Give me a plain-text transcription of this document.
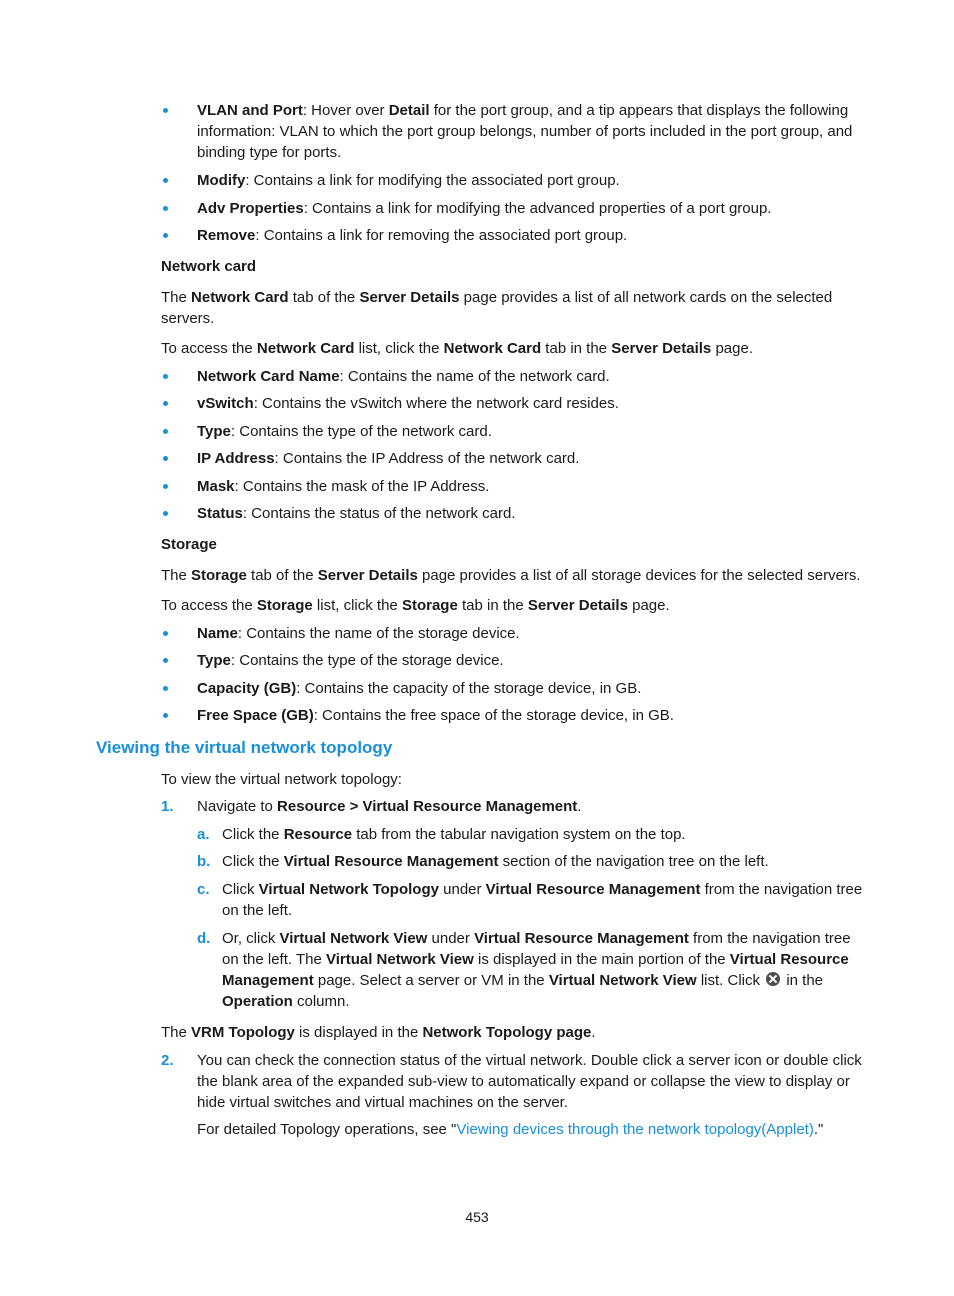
VLAN and Port: Hover over Detail for the port group, and a tip appears that displays the following information: VLAN to which the port group belongs, number of ports included in the port group, and binding type for ports.
Modify: Contains a link for modifying the associated port group.
Adv Properties: Contains a link for modifying the advanced properties of a port group.
Remove: Contains a link for removing the associated port group.
Network card
The Network Card tab of the Server Details page provides a list of all network cards on the selected servers.
To access the Network Card list, click the Network Card tab in the Server Details page.
Network Card Name: Contains the name of the network card.
vSwitch: Contains the vSwitch where the network card resides.
Type: Contains the type of the network card.
IP Address: Contains the IP Address of the network card.
Mask: Contains the mask of the IP Address.
Status: Contains the status of the network card.
Storage
The Storage tab of the Server Details page provides a list of all storage devices for the selected servers.
To access the Storage list, click the Storage tab in the Server Details page.
Name: Contains the name of the storage device.
Type: Contains the type of the storage device.
Capacity (GB): Contains the capacity of the storage device, in GB.
Free Space (GB): Contains the free space of the storage device, in GB.
Viewing the virtual network topology
To view the virtual network topology:
1. Navigate to Resource > Virtual Resource Management.
a. Click the Resource tab from the tabular navigation system on the top.
b. Click the Virtual Resource Management section of the navigation tree on the left.
c. Click Virtual Network Topology under Virtual Resource Management from the navigation tree on the left.
d. Or, click Virtual Network View under Virtual Resource Management from the navigation tree on the left. The Virtual Network View is displayed in the main portion of the Virtual Resource Management page. Select a server or VM in the Virtual Network View list. Click  in the Operation column.
The VRM Topology is displayed in the Network Topology page.
2. You can check the connection status of the virtual network. Double click a server icon or double click the blank area of the expanded sub-view to automatically expand or collapse the view to display or hide virtual switches and virtual machines on the server.
For detailed Topology operations, see "Viewing devices through the network topology(Applet)."
453
